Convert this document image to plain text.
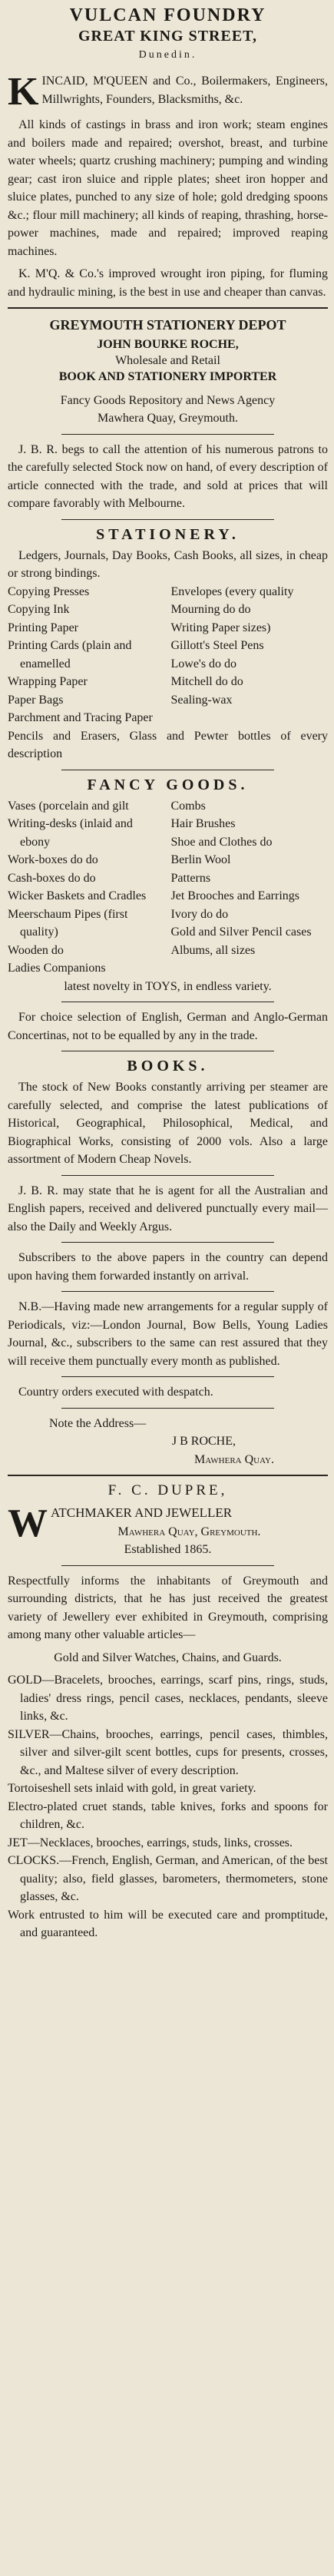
VULCAN FOUNDRY
GREAT KING STREET,
Dunedin.
K INCAID, M'QUEEN and Co., Boilermakers, Engineers, Millwrights, Founders, Blacksmiths, &c.

All kinds of castings in brass and iron work; steam engines and boilers made and repaired; overshot, breast, and turbine water wheels; quartz crushing machinery; pumping and winding gear; cast iron sluice and ripple plates; sheet iron hopper and sluice plates, punched to any size of hole; gold dredging spoons &c.; flour mill machinery; all kinds of reaping, thrashing, horse-power machines, made and repaired; improved reaping machines.

K. M'Q. & Co.'s improved wrought iron piping, for fluming and hydraulic mining, is the best in use and cheaper than canvas.

GREYMOUTH STATIONERY DEPOT
JOHN BOURKE ROCHE,
Wholesale and Retail
BOOK AND STATIONERY IMPORTER

Fancy Goods Repository and News Agency

Mawhera Quay, Greymouth.

J. B. R. begs to call the attention of his numerous patrons to the carefully selected Stock now on hand, of every description of article connected with the trade, and sold at prices that will compare favorably with Melbourne.

STATIONERY.

Ledgers, Journals, Day Books, Cash Books, all sizes, in cheap or strong bindings.

Copying Presses
Copying Ink
Printing Paper
Printing Cards (plain and enamelled
Wrapping Paper
Paper Bags
Parchment and Tracing Paper
Envelopes (every quality
Mourning do do
Writing Paper sizes)
Gillott's Steel Pens
Lowe's do do
Mitchell do do
Sealing-wax

Pencils and Erasers, Glass and Pewter bottles of every description

FANCY GOODS.
Vases (porcelain and gilt
Writing-desks (inlaid and ebony
Work-boxes do do
Cash-boxes do do
Wicker Baskets and Cradles
Meerschaum Pipes (first quality)
Wooden do
Ladies Companions
Combs
Hair Brushes
Shoe and Clothes do
Berlin Wool
Patterns
Jet Brooches and Earrings
Ivory do do
Gold and Silver Pencil cases
Albums, all sizes

latest novelty in TOYS, in endless variety.

For choice selection of English, German and Anglo-German Concertinas, not to be equalled by any in the trade.

BOOKS.

The stock of New Books constantly arriving per steamer are carefully selected, and comprise the latest publications of Historical, Geographical, Philosophical, Medical, and Biographical Works, consisting of 2000 vols. Also a large assortment of Modern Cheap Novels.

J. B. R. may state that he is agent for all the Australian and English papers, received and delivered punctually every mail—also the Daily and Weekly Argus.

Subscribers to the above papers in the country can depend upon having them forwarded instantly on arrival.

N.B.—Having made new arrangements for a regular supply of Periodicals, viz:—London Journal, Bow Bells, Young Ladies Journal, &c., subscribers to the same can rest assured that they will receive them punctually every month as published.

Country orders executed with despatch.

Note the Address—

J B ROCHE,

Mawhera Quay.

F. C. DUPRE,
W ATCHMAKER AND JEWELLER

Mawhera Quay, Greymouth.
Established 1865.

Respectfully informs the inhabitants of Greymouth and surrounding districts, that he has just received the greatest variety of Jewellery ever exhibited in Greymouth, comprising among many other valuable articles—

Gold and Silver Watches, Chains, and Guards.

GOLD—Bracelets, brooches, earrings, scarf pins, rings, studs, ladies' dress rings, pencil cases, necklaces, pendants, sleeve links, &c.

SILVER—Chains, brooches, earrings, pencil cases, thimbles, silver and silver-gilt scent bottles, cups for presents, crosses, &c., and Maltese silver of every description.

Tortoiseshell sets inlaid with gold, in great variety.

Electro-plated cruet stands, table knives, forks and spoons for children, &c.

JET—Necklaces, brooches, earrings, studs, links, crosses.

CLOCKS.—French, English, German, and American, of the best quality; also, field glasses, barometers, thermometers, stone glasses, &c.

Work entrusted to him will be executed care and promptitude, and guaranteed.
